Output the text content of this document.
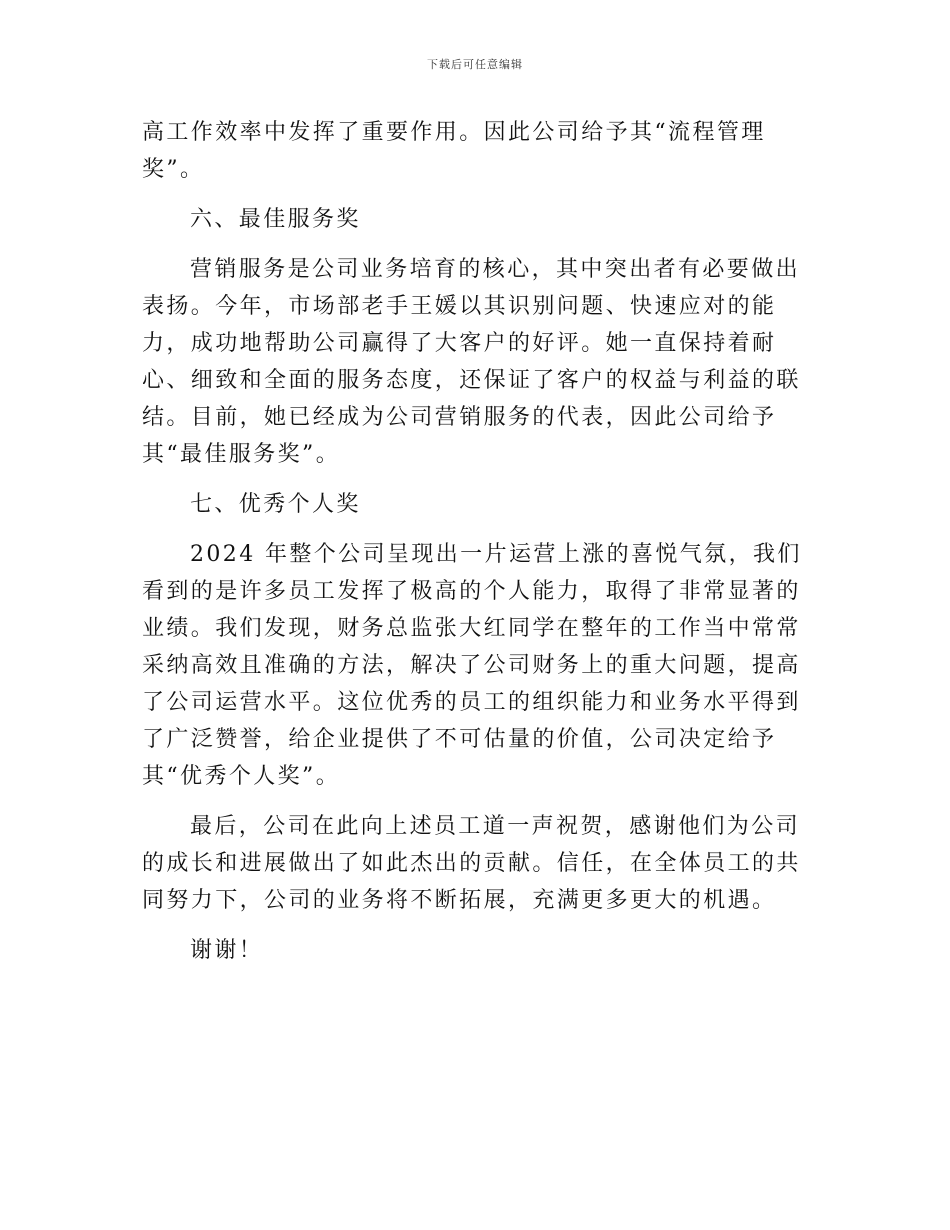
下载后可任意编辑

高工作效率中发挥了重要作用。因此公司给予其“流程管理
奖”。

六、最佳服务奖

营销服务是公司业务培育的核心，其中突出者有必要做出
表扬。今年，市场部老手王媛以其识别问题、快速应对的能
力，成功地帮助公司赢得了大客户的好评。她一直保持着耐
心、细致和全面的服务态度，还保证了客户的权益与利益的联
结。目前，她已经成为公司营销服务的代表，因此公司给予
其“最佳服务奖”。

七、优秀个人奖

2024 年整个公司呈现出一片运营上涨的喜悦气氛，我们
看到的是许多员工发挥了极高的个人能力，取得了非常显著的
业绩。我们发现，财务总监张大红同学在整年的工作当中常常
采纳高效且准确的方法，解决了公司财务上的重大问题，提高
了公司运营水平。这位优秀的员工的组织能力和业务水平得到
了广泛赞誉，给企业提供了不可估量的价值，公司决定给予
其“优秀个人奖”。

最后，公司在此向上述员工道一声祝贺，感谢他们为公司
的成长和进展做出了如此杰出的贡献。信任，在全体员工的共
同努力下，公司的业务将不断拓展，充满更多更大的机遇。

谢谢！
